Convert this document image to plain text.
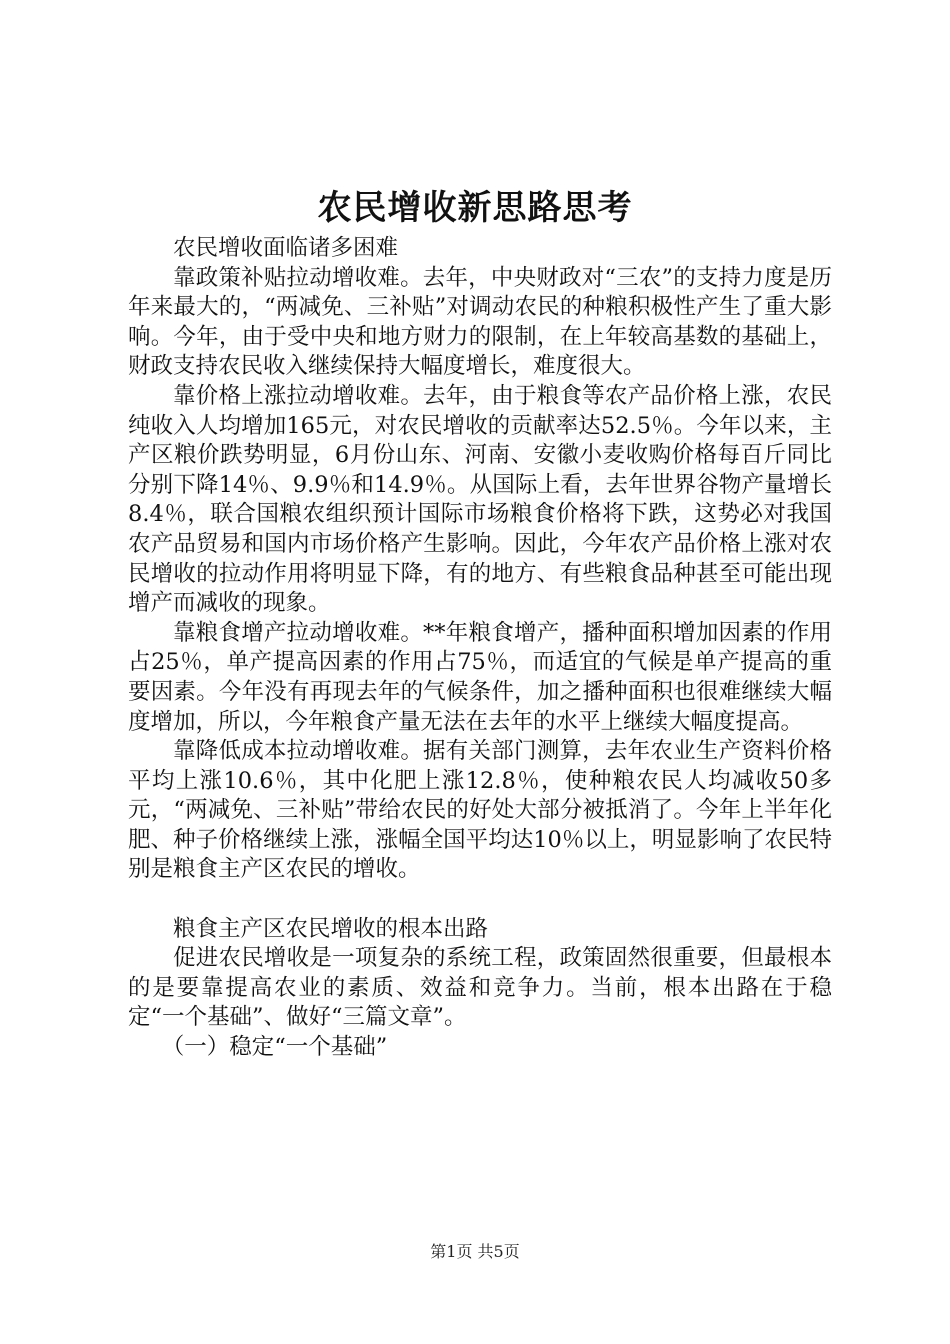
农民增收新思路思考

农民增收面临诸多困难

靠政策补贴拉动增收难。去年，中央财政对“三农”的支持力度是历年来最大的，“两减免、三补贴”对调动农民的种粮积极性产生了重大影响。今年，由于受中央和地方财力的限制，在上年较高基数的基础上，财政支持农民收入继续保持大幅度增长，难度很大。

靠价格上涨拉动增收难。去年，由于粮食等农产品价格上涨，农民纯收入人均增加165元，对农民增收的贡献率达52.5％。今年以来，主产区粮价跌势明显，6月份山东、河南、安徽小麦收购价格每百斤同比分别下降14％、9.9％和14.9％。从国际上看，去年世界谷物产量增长8.4％，联合国粮农组织预计国际市场粮食价格将下跌，这势必对我国农产品贸易和国内市场价格产生影响。因此，今年农产品价格上涨对农民增收的拉动作用将明显下降，有的地方、有些粮食品种甚至可能出现增产而减收的现象。

靠粮食增产拉动增收难。**年粮食增产，播种面积增加因素的作用占25％，单产提高因素的作用占75％，而适宜的气候是单产提高的重要因素。今年没有再现去年的气候条件，加之播种面积也很难继续大幅度增加，所以，今年粮食产量无法在去年的水平上继续大幅度提高。

靠降低成本拉动增收难。据有关部门测算，去年农业生产资料价格平均上涨10.6％，其中化肥上涨12.8％，使种粮农民人均减收50多元，“两减免、三补贴”带给农民的好处大部分被抵消了。今年上半年化肥、种子价格继续上涨，涨幅全国平均达10％以上，明显影响了农民特别是粮食主产区农民的增收。

粮食主产区农民增收的根本出路

促进农民增收是一项复杂的系统工程，政策固然很重要，但最根本的是要靠提高农业的素质、效益和竞争力。当前，根本出路在于稳定“一个基础”、做好“三篇文章”。

（一）稳定“一个基础”

第1页 共5页
